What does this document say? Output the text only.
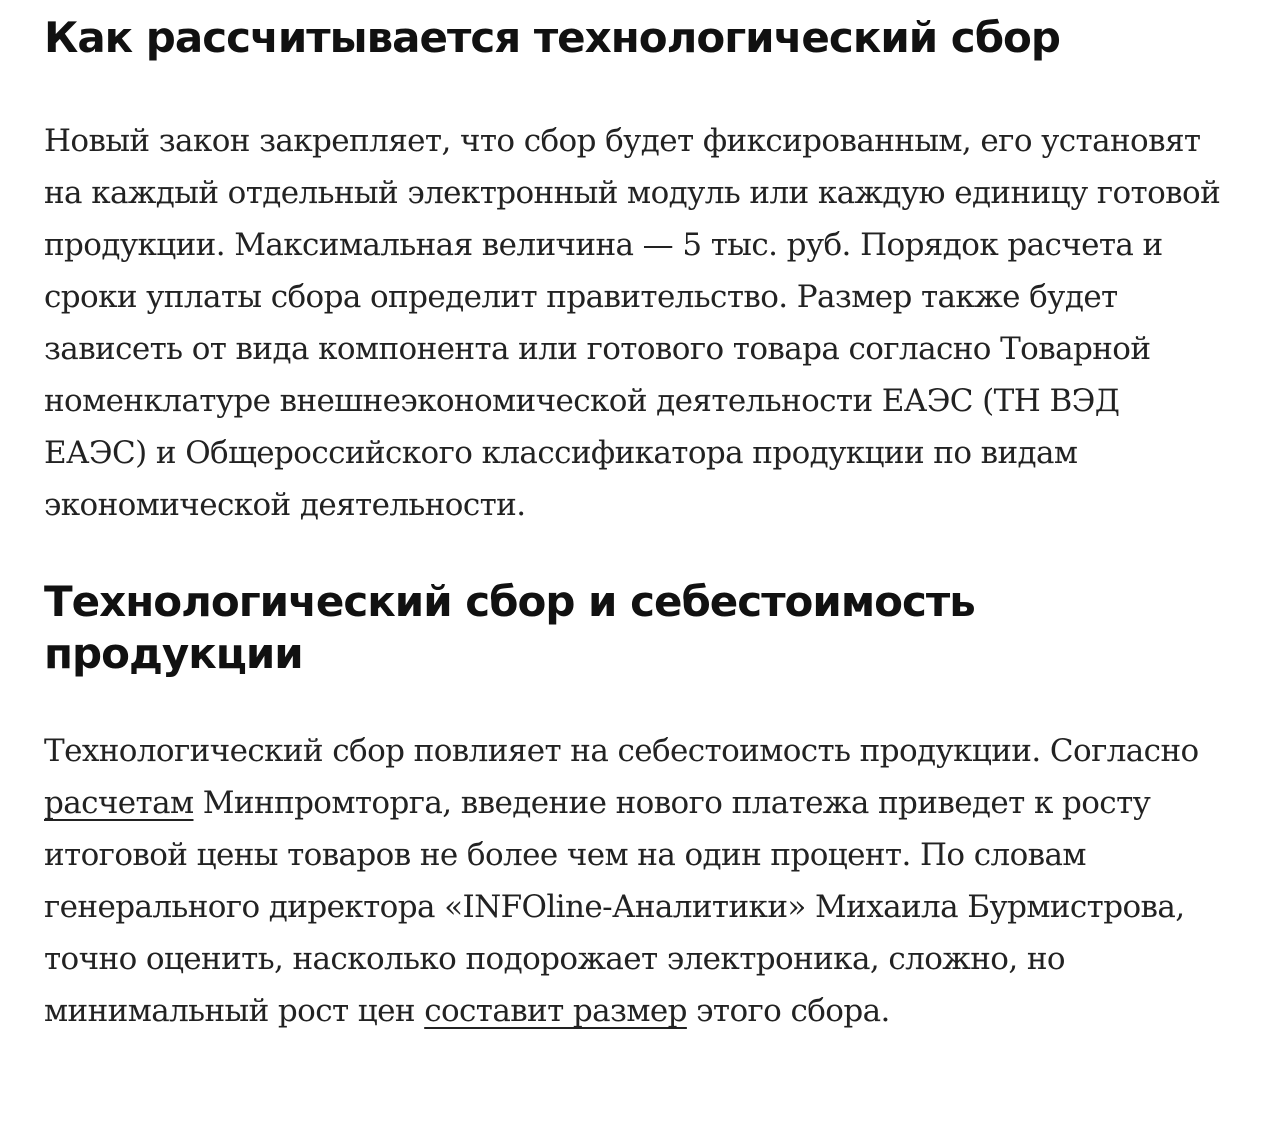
Как рассчитывается технологический сбор

Новый закон закрепляет, что сбор будет фиксированным, его установят на каждый отдельный электронный модуль или каждую единицу готовой продукции. Максимальная величина — 5 тыс. руб. Порядок расчета и сроки уплаты сбора определит правительство. Размер также будет зависеть от вида компонента или готового товара согласно Товарной номенклатуре внешнеэкономической деятельности ЕАЭС (ТН ВЭД ЕАЭС) и Общероссийского классификатора продукции по видам экономической деятельности.

Технологический сбор и себестоимость продукции

Технологический сбор повлияет на себестоимость продукции. Согласно расчетам Минпромторга, введение нового платежа приведет к росту итоговой цены товаров не более чем на один процент. По словам генерального директора «INFOline-Аналитики» Михаила Бурмистрова, точно оценить, насколько подорожает электроника, сложно, но минимальный рост цен составит размер этого сбора.
